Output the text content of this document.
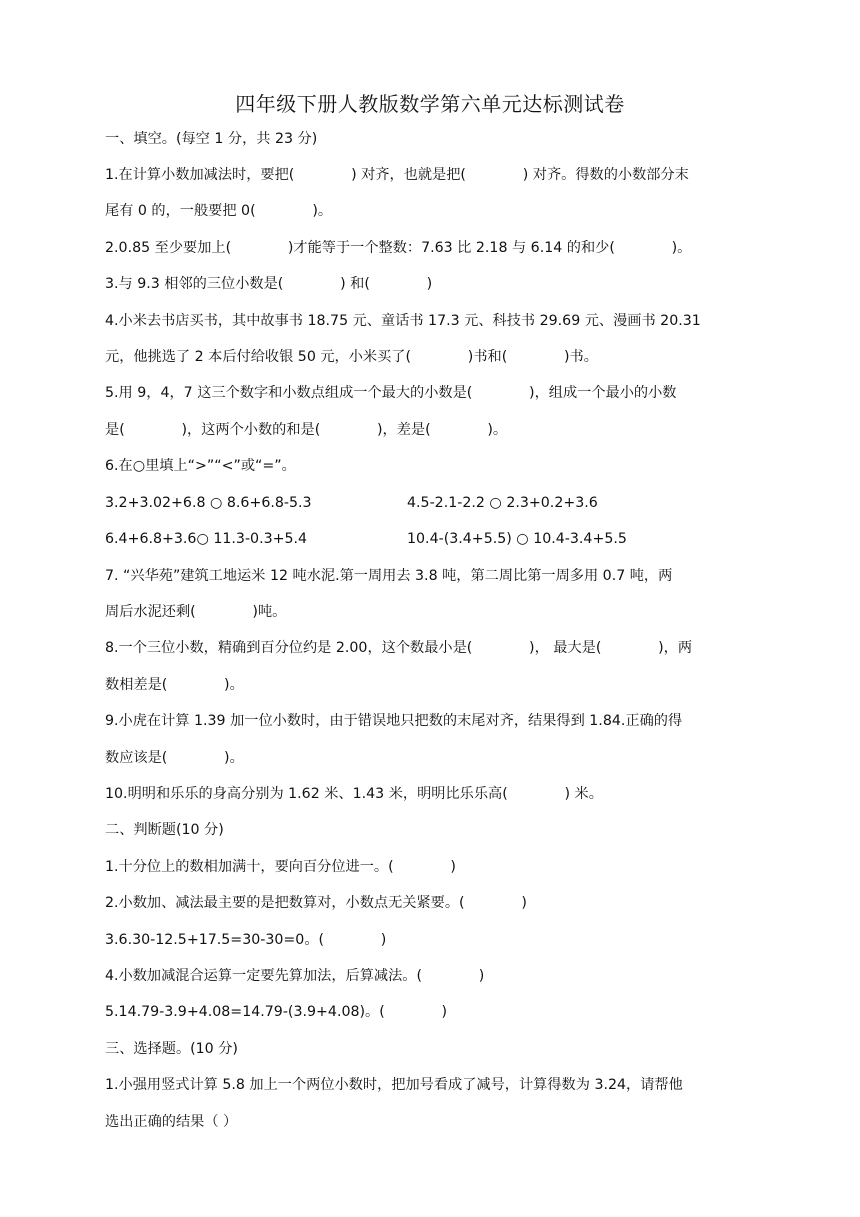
四年级下册人教版数学第六单元达标测试卷
一、填空。(每空 1 分，共 23 分)
1.在计算小数加减法时，要把(　　　　) 对齐，也就是把(　　　　) 对齐。得数的小数部分末
尾有 0 的，一般要把 0(　　　　)。
2.0.85 至少要加上(　　　　)才能等于一个整数：7.63 比 2.18 与 6.14 的和少(　　　　)。
3.与 9.3 相邻的三位小数是(　　　　) 和(　　　　)
4.小米去书店买书，其中故事书 18.75 元、童话书 17.3 元、科技书 29.69 元、漫画书 20.31
元，他挑选了 2 本后付给收银 50 元，小米买了(　　　　)书和(　　　　)书。
5.用 9，4，7 这三个数字和小数点组成一个最大的小数是(　　　　)，组成一个最小的小数
是(　　　　)，这两个小数的和是(　　　　)，差是(　　　　)。
6.在○里填上“>”“<”或“=”。
3.2+3.02+6.8 ○ 8.6+6.8-5.3	4.5-2.1-2.2 ○ 2.3+0.2+3.6
6.4+6.8+3.6○ 11.3-0.3+5.4	10.4-(3.4+5.5) ○ 10.4-3.4+5.5
7. “兴华苑”建筑工地运米 12 吨水泥.第一周用去 3.8 吨，第二周比第一周多用 0.7 吨，两
周后水泥还剩(　　　　)吨。
8.一个三位小数，精确到百分位约是 2.00，这个数最小是(　　　　)， 最大是(　　　　)，两
数相差是(　　　　)。
9.小虎在计算 1.39 加一位小数时，由于错误地只把数的末尾对齐，结果得到 1.84.正确的得
数应该是(　　　　)。
10.明明和乐乐的身高分别为 1.62 米、1.43 米，明明比乐乐高(　　　　) 米。
二、判断题(10 分)
1.十分位上的数相加满十，要向百分位进一。(　　　　)
2.小数加、减法最主要的是把数算对，小数点无关紧要。(　　　　)
3.6.30-12.5+17.5=30-30=0。(　　　　)
4.小数加减混合运算一定要先算加法，后算减法。(　　　　)
5.14.79-3.9+4.08=14.79-(3.9+4.08)。(　　　　)
三、选择题。(10 分)
1.小强用竖式计算 5.8 加上一个两位小数时，把加号看成了减号，计算得数为 3.24，请帮他
选出正确的结果（ ）
